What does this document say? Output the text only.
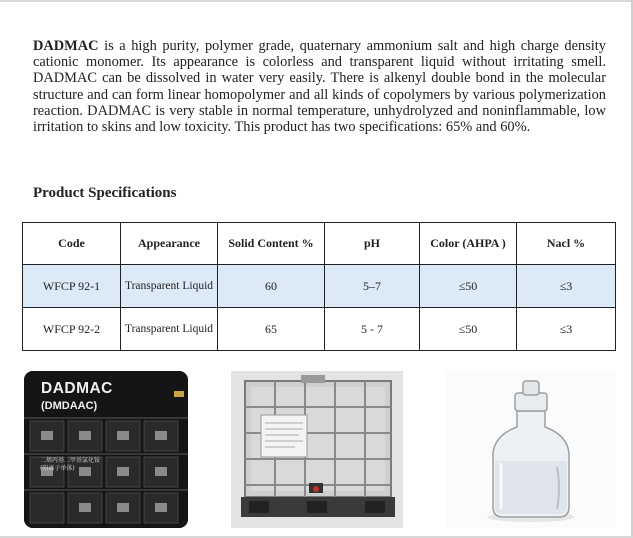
DADMAC is a high purity, polymer grade, quaternary ammonium salt and high charge density cationic monomer. Its appearance is colorless and transparent liquid without irritating smell. DADMAC can be dissolved in water very easily. There is alkenyl double bond in the molecular structure and can form linear homopolymer and all kinds of copolymers by various polymerization reaction. DADMAC is very stable in normal temperature, unhydrolyzed and noninflammable, low irritation to skins and low toxicity. This product has two specifications: 65% and 60%.

Product Specifications
Code	Appearance	Solid Content %	pH	Color (AHPA )	Nacl %
WFCP 92-1	Transparent Liquid	60	5–7	≤50	≤3
WFCP 92-2	Transparent Liquid	65	5 - 7	≤50	≤3
DADMAC
(DMDAAC)
二烯丙基二甲基氯化铵
(阳离子单体)
